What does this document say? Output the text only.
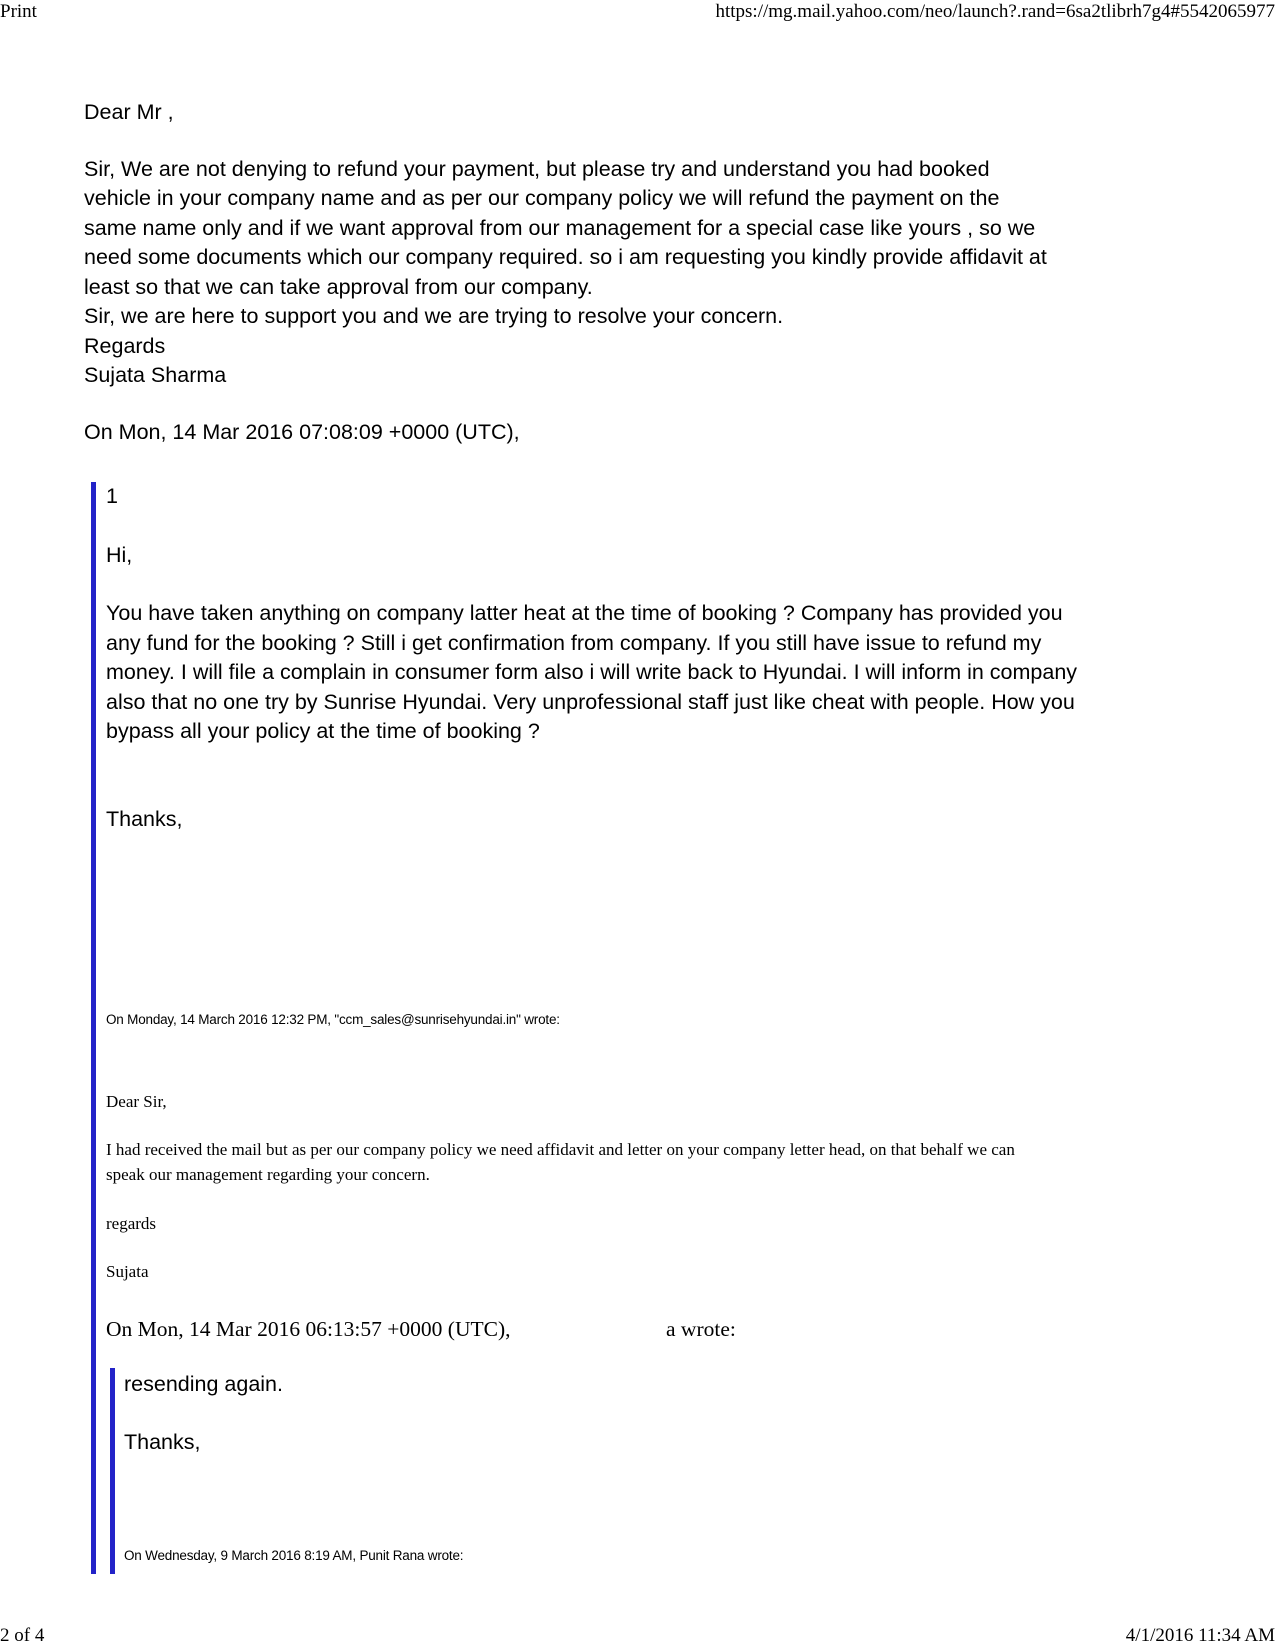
Print	https://mg.mail.yahoo.com/neo/launch?.rand=6sa2tlibrh7g4#5542065977

Dear Mr ,

Sir, We are not denying to refund your payment, but please try and understand you had booked

vehicle in your company name and as per our company policy we will refund the payment on the

same name only and if we want approval from our management for a special case like yours , so we

need some documents which our company required. so i am requesting you kindly provide affidavit at

least so that we can take approval from our company.

Sir, we are here to support you and we are trying to resolve your concern.

Regards

Sujata Sharma

On Mon, 14 Mar 2016 07:08:09 +0000 (UTC),

1

Hi,

You have taken anything on company latter heat at the time of booking ? Company has provided you

any fund for the booking ? Still i get confirmation from company. If you still have issue to refund my

money. I will file a complain in consumer form also i will write back to Hyundai. I will inform in company

also that no one try by Sunrise Hyundai. Very unprofessional staff just like cheat with people. How you

bypass all your policy at the time of booking ?

Thanks,
On Monday, 14 March 2016 12:32 PM, "ccm_sales@sunrisehyundai.in" wrote:
Dear Sir,

I had received the mail but as per our company policy we need affidavit and letter on your company letter head, on that behalf we can

speak our management regarding your concern.

regards
Sujata
On Mon, 14 Mar 2016 06:13:57 +0000 (UTC),	a wrote:
resending again.
Thanks,
On Wednesday, 9 March 2016 8:19 AM, Punit Rana wrote:
2 of 4	4/1/2016 11:34 AM
